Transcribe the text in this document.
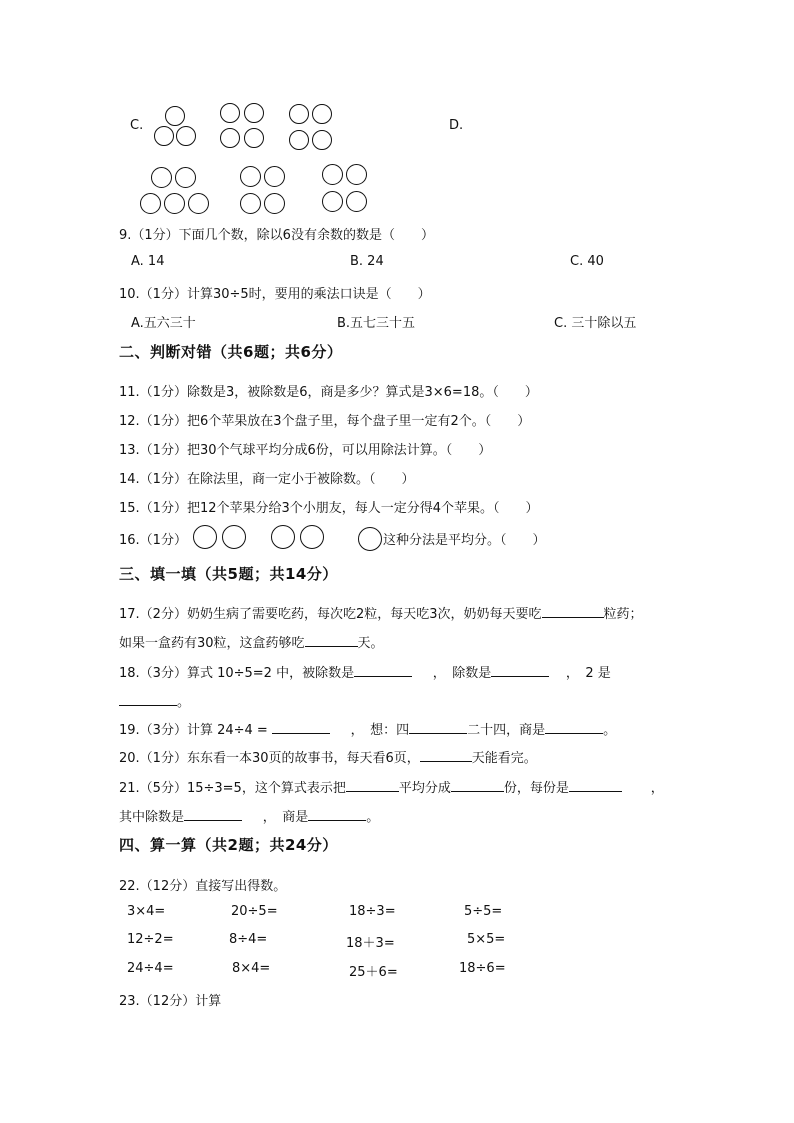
C.	D.
9.（1分）下面几个数，除以6没有余数的数是（　　）
A. 14	B. 24	C. 40
10.（1分）计算30÷5时，要用的乘法口诀是（　　）
A.五六三十	B.五七三十五	C. 三十除以五
二、判断对错（共6题；共6分）
11.（1分）除数是3，被除数是6，商是多少？算式是3×6=18。（　　）
12.（1分）把6个苹果放在3个盘子里，每个盘子里一定有2个。（　　）
13.（1分）把30个气球平均分成6份，可以用除法计算。（　　）
14.（1分）在除法里，商一定小于被除数。（　　）
15.（1分）把12个苹果分给3个小朋友，每人一定分得4个苹果。（　　）
16.（1分）	这种分法是平均分。（　　）
三、填一填（共5题；共14分）
17.（2分）奶奶生病了需要吃药，每次吃2粒，每天吃3次，奶奶每天要吃	粒药；
如果一盒药有30粒，这盒药够吃	天。
18.（3分）算式 10÷5=2 中，被除数是	，　除数是	，　2 是
。
19.（3分）计算 24÷4 =	，　想：四	二十四，商是	。
20.（1分）东东看一本30页的故事书，每天看6页，	天能看完。
21.（5分）15÷3=5，这个算式表示把	平均分成	份，每份是	，
其中除数是	，　商是	。
四、算一算（共2题；共24分）
22.（12分）直接写出得数。
3×4=	20÷5=	18÷3=	5÷5=
12÷2=	8÷4=	18＋3=	5×5=
24÷4=	8×4=	25＋6=	18÷6=
23.（12分）计算
